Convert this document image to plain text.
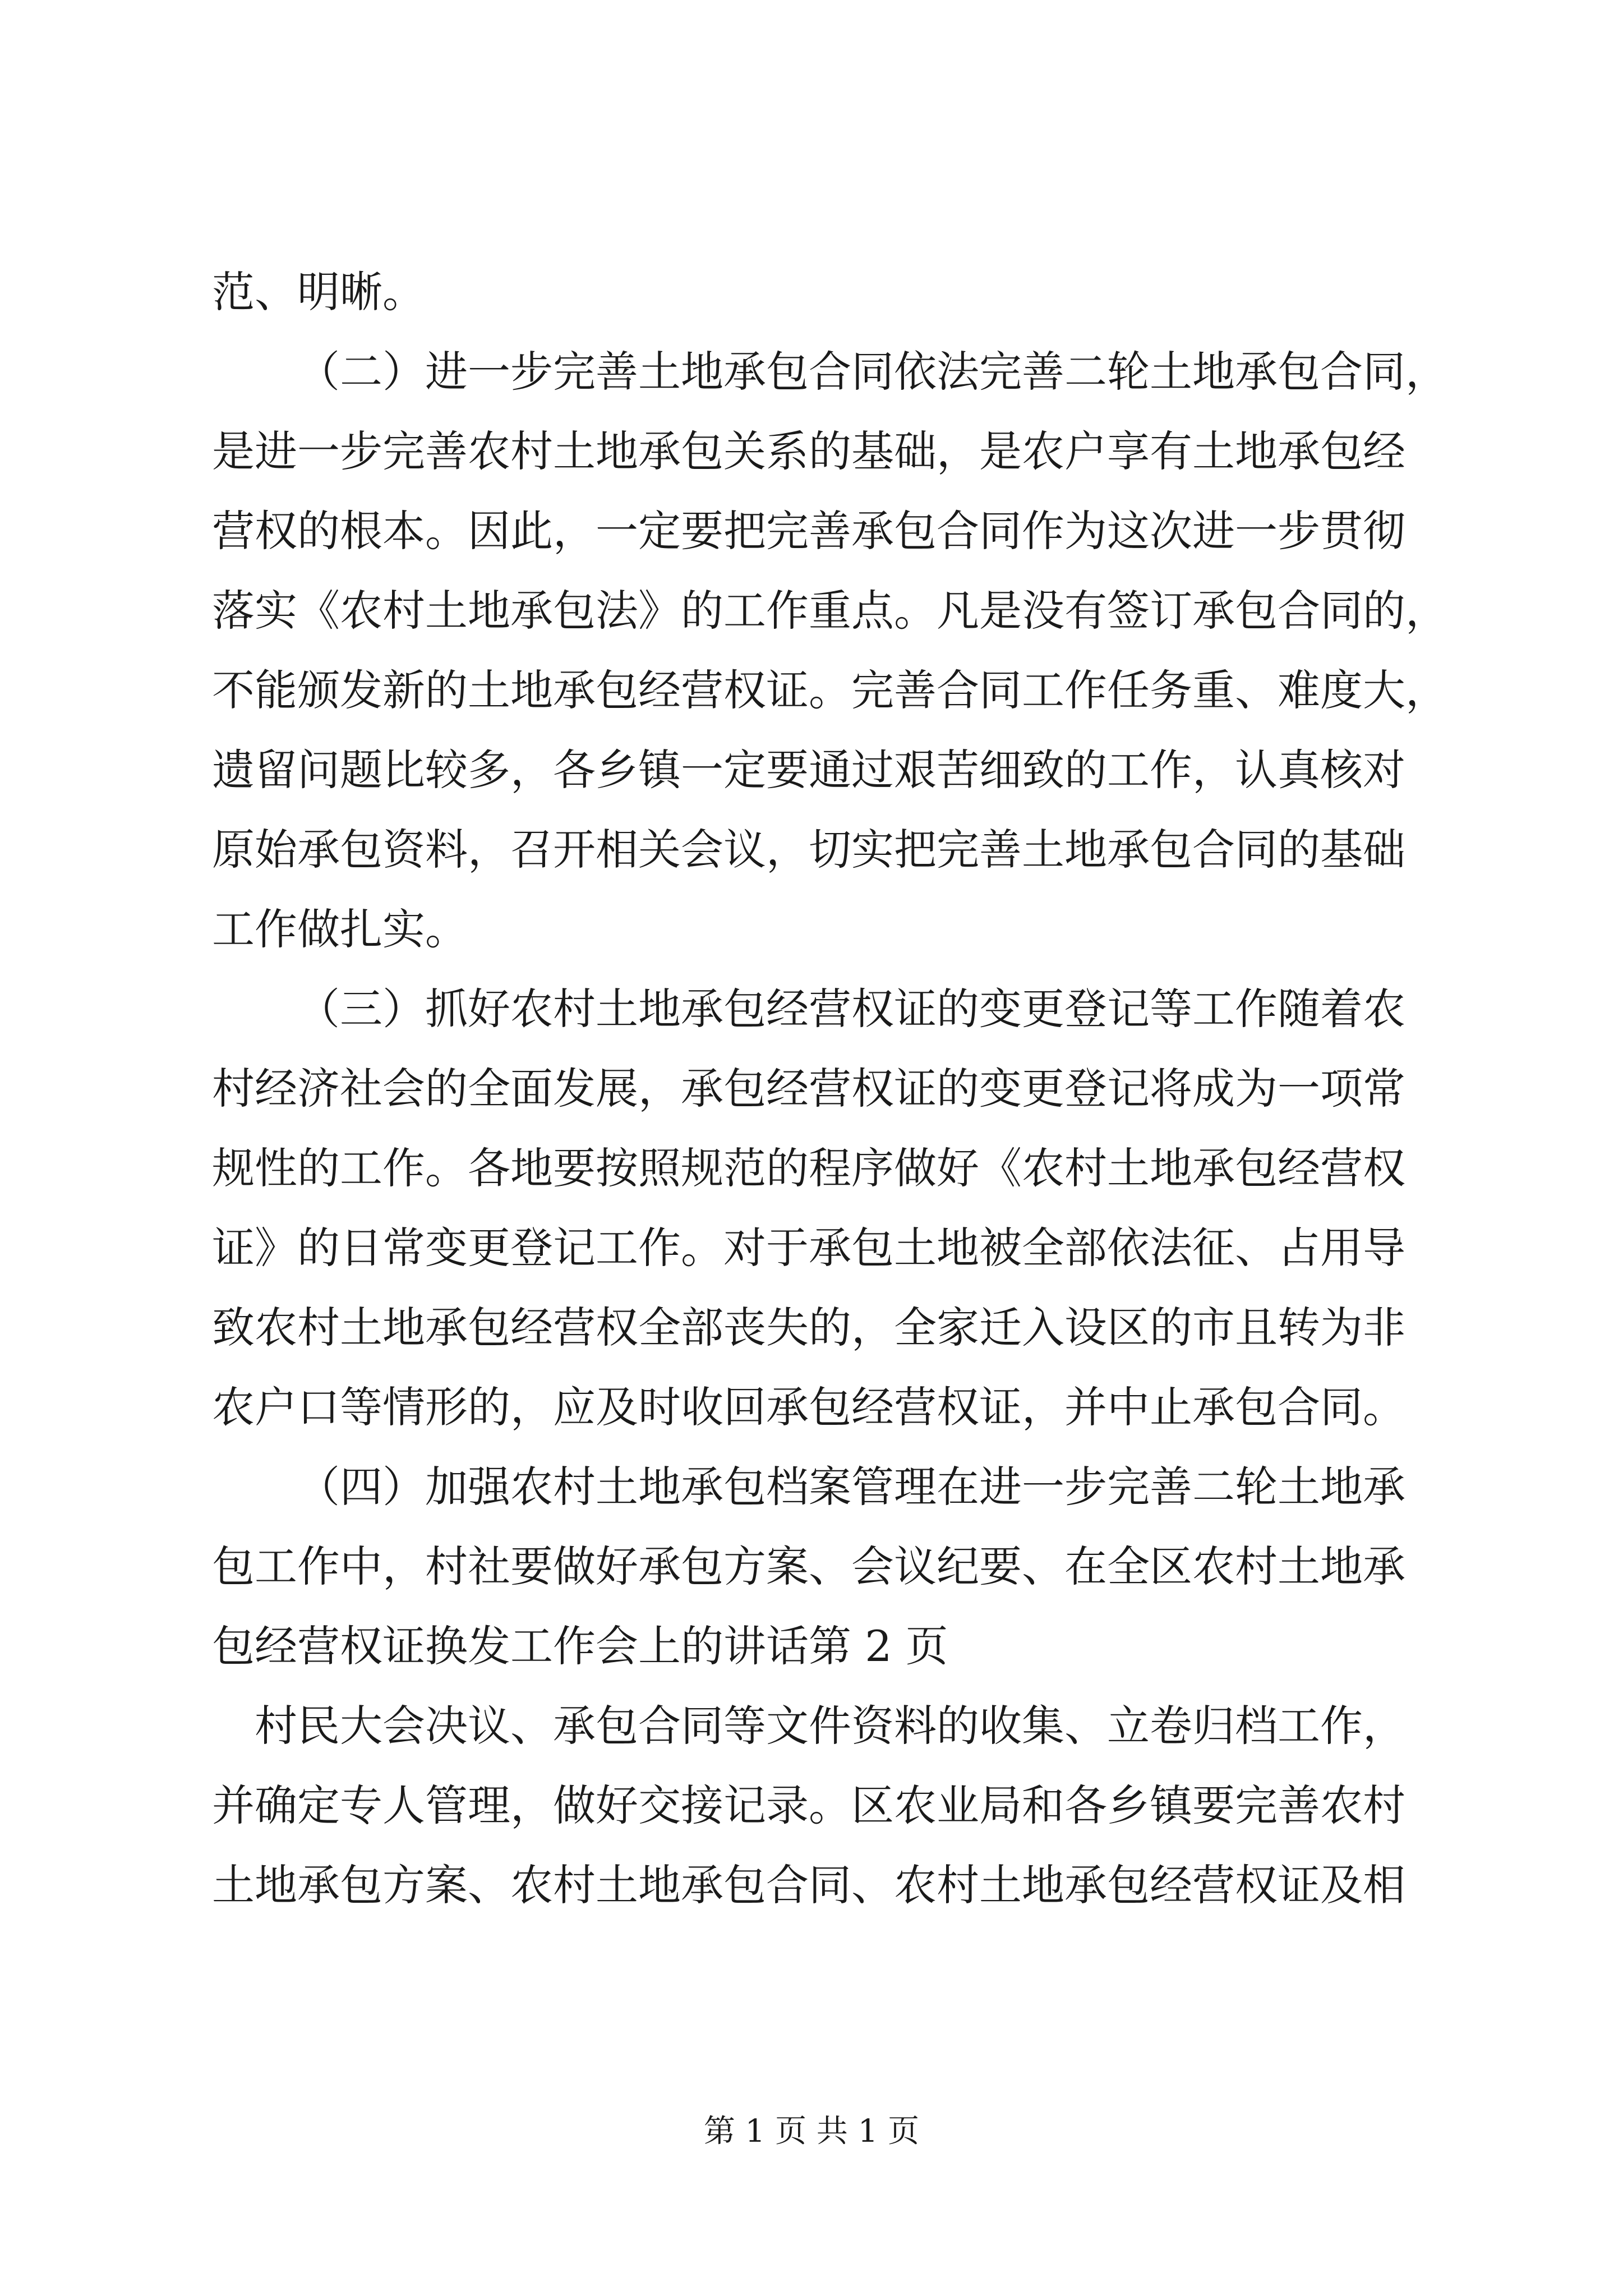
范、明晰。
（二）进一步完善土地承包合同依法完善二轮土地承包合同，
是进一步完善农村土地承包关系的基础，是农户享有土地承包经
营权的根本。因此，一定要把完善承包合同作为这次进一步贯彻
落实《农村土地承包法》的工作重点。凡是没有签订承包合同的，
不能颁发新的土地承包经营权证。完善合同工作任务重、难度大，
遗留问题比较多，各乡镇一定要通过艰苦细致的工作，认真核对
原始承包资料，召开相关会议，切实把完善土地承包合同的基础
工作做扎实。
（三）抓好农村土地承包经营权证的变更登记等工作随着农
村经济社会的全面发展，承包经营权证的变更登记将成为一项常
规性的工作。各地要按照规范的程序做好《农村土地承包经营权
证》的日常变更登记工作。对于承包土地被全部依法征、占用导
致农村土地承包经营权全部丧失的，全家迁入设区的市且转为非
农户口等情形的，应及时收回承包经营权证，并中止承包合同。
（四）加强农村土地承包档案管理在进一步完善二轮土地承
包工作中，村社要做好承包方案、会议纪要、在全区农村土地承
包经营权证换发工作会上的讲话第 2 页
村民大会决议、承包合同等文件资料的收集、立卷归档工作，
并确定专人管理，做好交接记录。区农业局和各乡镇要完善农村
土地承包方案、农村土地承包合同、农村土地承包经营权证及相
第 1 页 共 1 页
